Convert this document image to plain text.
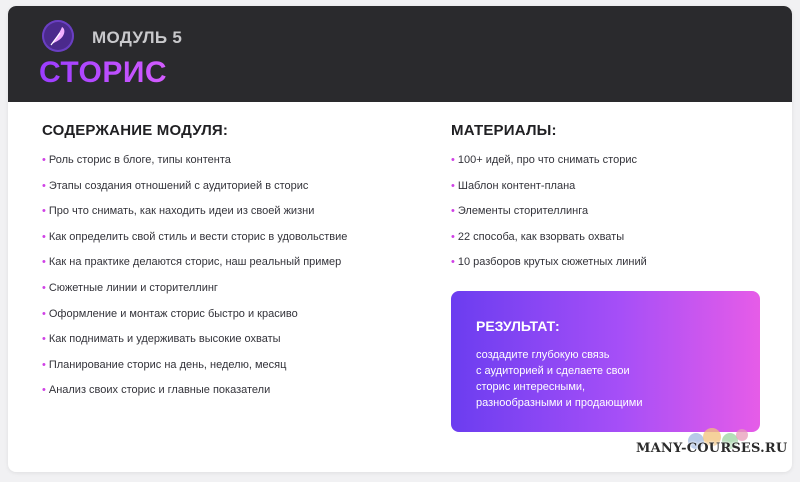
МОДУЛЬ 5
СТОРИС
СОДЕРЖАНИЕ МОДУЛЯ:
• Роль сторис в блоге, типы контента
• Этапы создания отношений с аудиторией в сторис
• Про что снимать, как находить идеи из своей жизни
• Как определить свой стиль и вести сторис в удовольствие
• Как на практике делаются сторис, наш реальный пример
• Сюжетные линии и сторителлинг
• Оформление и монтаж сторис быстро и красиво
• Как поднимать и удерживать высокие охваты
• Планирование сторис на день, неделю, месяц
• Анализ своих сторис и главные показатели
МАТЕРИАЛЫ:
• 100+ идей, про что снимать сторис
• Шаблон контент-плана
• Элементы сторителлинга
• 22 способа, как взорвать охваты
• 10 разборов крутых сюжетных линий
РЕЗУЛЬТАТ:
создадите глубокую связь
с аудиторией и сделаете свои
сторис интересными,
разнообразными и продающими
MANY-COURSES.RU
